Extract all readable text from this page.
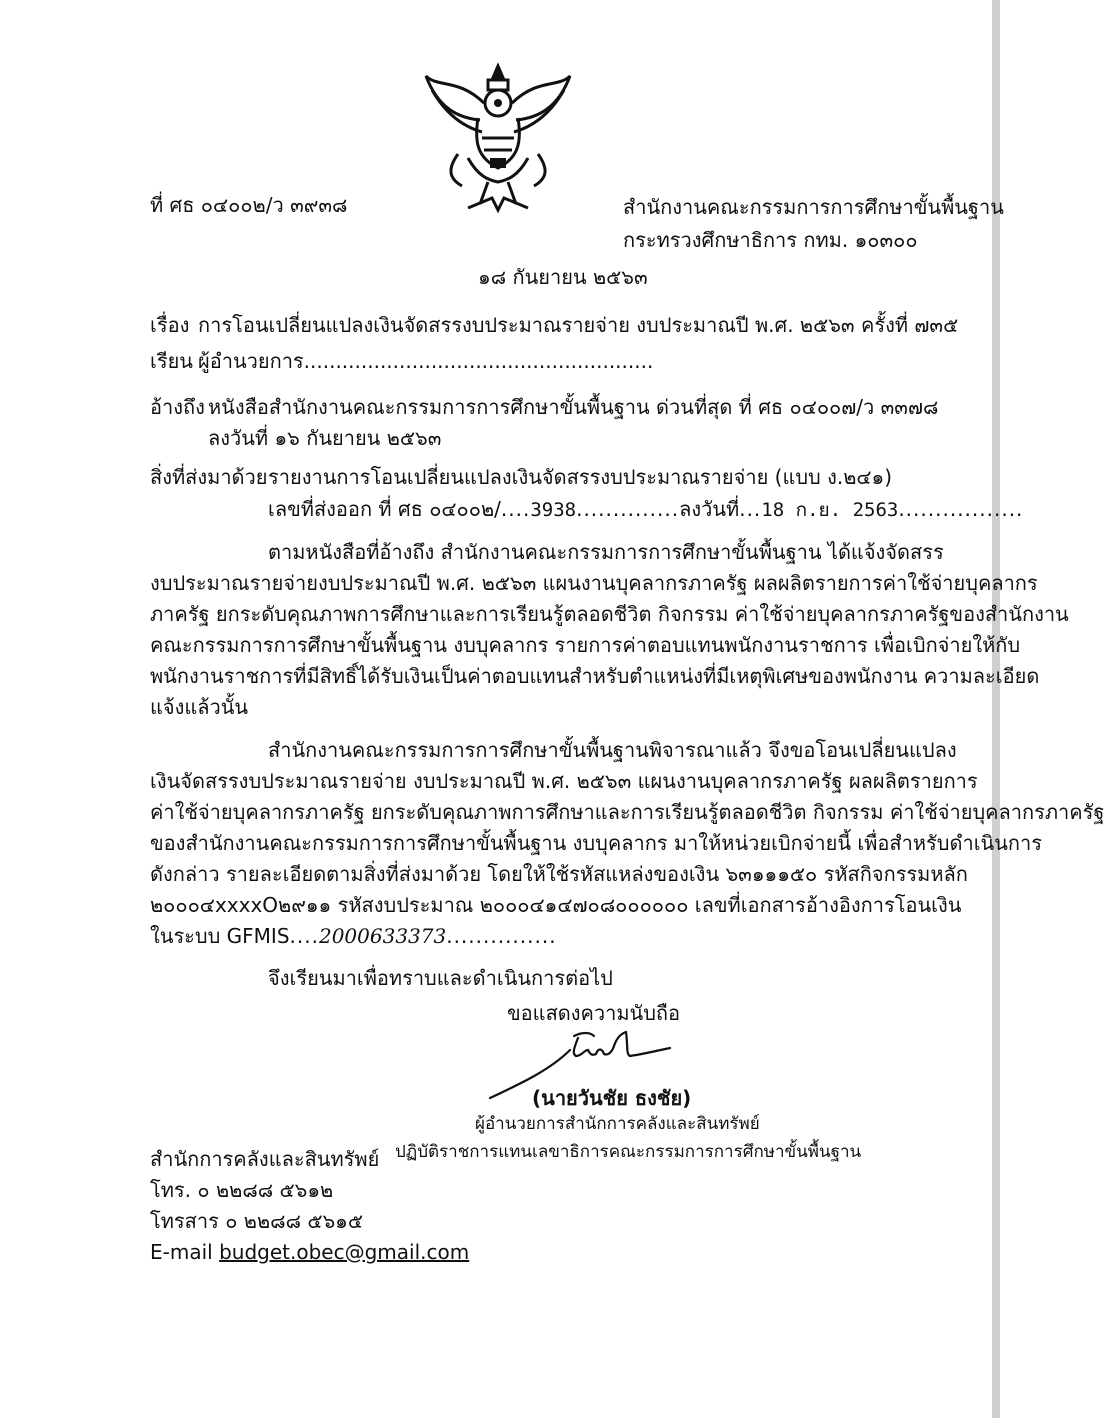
ที่ ศธ ๐๔๐๐๒/ว ๓๙๓๘	สำนักงานคณะกรรมการการศึกษาขั้นพื้นฐาน
กระทรวงศึกษาธิการ กทม. ๑๐๓๐๐
๑๘ กันยายน ๒๕๖๓
เรื่อง การโอนเปลี่ยนแปลงเงินจัดสรรงบประมาณรายจ่าย งบประมาณปี พ.ศ. ๒๕๖๓ ครั้งที่ ๗๓๕
เรียน ผู้อำนวยการ.......................................................
อ้างถึง หนังสือสำนักงานคณะกรรมการการศึกษาขั้นพื้นฐาน ด่วนที่สุด ที่ ศธ ๐๔๐๐๗/ว ๓๓๗๘
ลงวันที่ ๑๖ กันยายน ๒๕๖๓
สิ่งที่ส่งมาด้วย รายงานการโอนเปลี่ยนแปลงเงินจัดสรรงบประมาณรายจ่าย (แบบ ง.๒๔๑)
เลขที่ส่งออก ที่ ศธ ๐๔๐๐๒/....3938..............ลงวันที่...18 ก.ย. 2563.................
ตามหนังสือที่อ้างถึง สำนักงานคณะกรรมการการศึกษาขั้นพื้นฐาน ได้แจ้งจัดสรร
งบประมาณรายจ่ายงบประมาณปี พ.ศ. ๒๕๖๓ แผนงานบุคลากรภาครัฐ ผลผลิตรายการค่าใช้จ่ายบุคลากร
ภาครัฐ ยกระดับคุณภาพการศึกษาและการเรียนรู้ตลอดชีวิต กิจกรรม ค่าใช้จ่ายบุคลากรภาครัฐของสำนักงาน
คณะกรรมการการศึกษาขั้นพื้นฐาน งบบุคลากร รายการค่าตอบแทนพนักงานราชการ เพื่อเบิกจ่ายให้กับ
พนักงานราชการที่มีสิทธิ์ได้รับเงินเป็นค่าตอบแทนสำหรับตำแหน่งที่มีเหตุพิเศษของพนักงาน ความละเอียด
แจ้งแล้วนั้น
สำนักงานคณะกรรมการการศึกษาขั้นพื้นฐานพิจารณาแล้ว จึงขอโอนเปลี่ยนแปลง
เงินจัดสรรงบประมาณรายจ่าย งบประมาณปี พ.ศ. ๒๕๖๓ แผนงานบุคลากรภาครัฐ ผลผลิตรายการ
ค่าใช้จ่ายบุคลากรภาครัฐ ยกระดับคุณภาพการศึกษาและการเรียนรู้ตลอดชีวิต กิจกรรม ค่าใช้จ่ายบุคลากรภาครัฐ
ของสำนักงานคณะกรรมการการศึกษาขั้นพื้นฐาน งบบุคลากร มาให้หน่วยเบิกจ่ายนี้ เพื่อสำหรับดำเนินการ
ดังกล่าว รายละเอียดตามสิ่งที่ส่งมาด้วย โดยให้ใช้รหัสแหล่งของเงิน ๖๓๑๑๑๕๐ รหัสกิจกรรมหลัก
๒๐๐๐๔xxxxO๒๙๑๑ รหัสงบประมาณ ๒๐๐๐๔๑๔๗๐๘๐๐๐๐๐๐ เลขที่เอกสารอ้างอิงการโอนเงิน
ในระบบ GFMIS....2000633373...............
จึงเรียนมาเพื่อทราบและดำเนินการต่อไป
ขอแสดงความนับถือ
(นายวันชัย ธงชัย)
ผู้อำนวยการสำนักการคลังและสินทรัพย์
ปฏิบัติราชการแทนเลขาธิการคณะกรรมการการศึกษาขั้นพื้นฐาน
สำนักการคลังและสินทรัพย์
โทร. ๐ ๒๒๘๘ ๕๖๑๒
โทรสาร ๐ ๒๒๘๘ ๕๖๑๕
E-mail budget.obec@gmail.com
